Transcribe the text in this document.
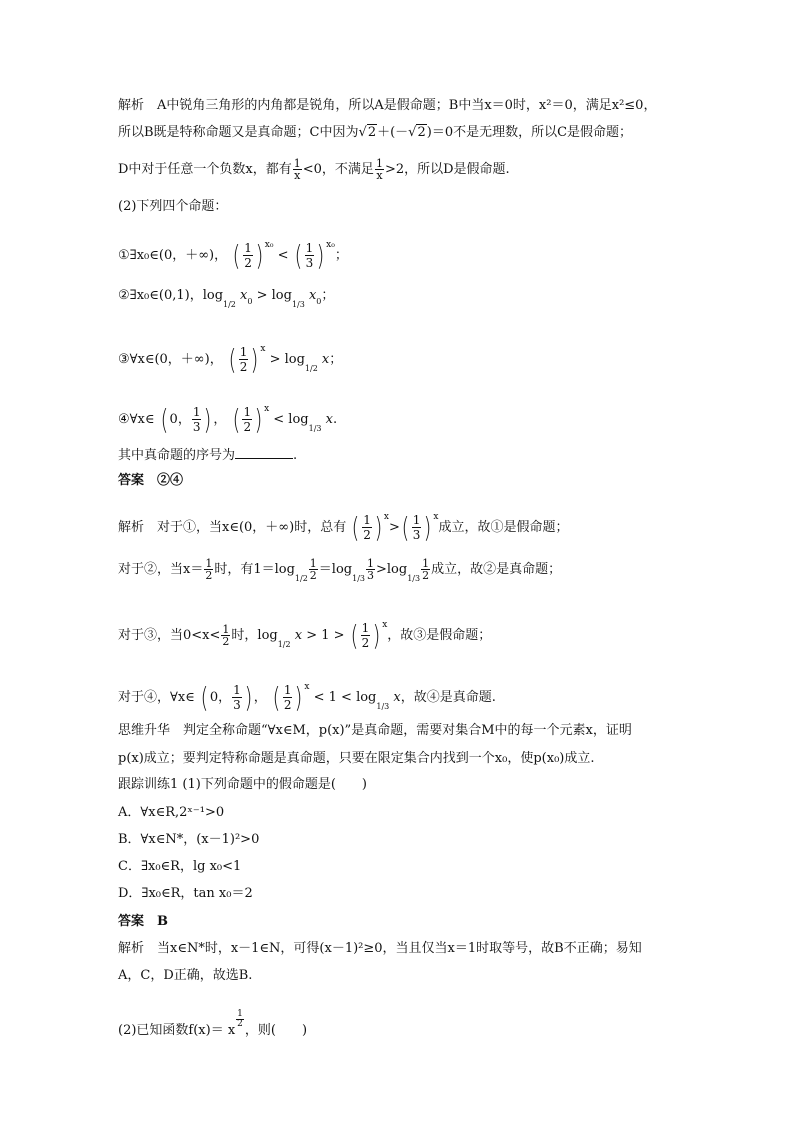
解析　A中锐角三角形的内角都是锐角，所以A是假命题；B中当x＝0时，x²＝0，满足x²≤0，
所以B既是特称命题又是真命题；C中因为√2＋(－√2)＝0不是无理数，所以C是假命题；
D中对于任意一个负数x，都有 $\frac{1}{x} <0$，不满足 $\frac{1}{x} >2$，所以D是假命题.
(2)下列四个命题：
①∃x₀∈(0，＋∞)， ( $\frac{1}{2}$ ) $^{x_0}$ < ( $\frac{1}{3}$ ) $^{x_0}$；
②∃x₀∈(0,1)，$\log_{1/2} x_0 > \log_{1/3} x_0$；
③∀x∈(0，＋∞)， ( $\frac{1}{2}$ ) $^x > \log_{1/2} x$；
④∀x∈ ( 0， $\frac{1}{3}$ ) ， ( $\frac{1}{2}$ ) $^x < \log_{1/3} x$.
其中真命题的序号为	.
答案　②④
解析　对于①，当x∈(0，＋∞)时，总有 ( $\frac{1}{2}$ ) $^x>( \frac{1}{3}$ ) $^x$成立，故①是假命题；
对于②，当$x= \frac{1}{2}$ 时，有$1=\log_{1/2} \frac{1}{2} =\log_{1/3} \frac{1}{3} >\log_{1/3} \frac{1}{2}$ 成立，故②是真命题；
对于③，当$0<x< \frac{1}{2}$ 时，$\log_{1/2} x > 1$ > ( $\frac{1}{2}$ ) $^x$，故③是假命题；
对于④，∀x∈ ( 0， $\frac{1}{3}$ ) ， ( $\frac{1}{2}$ ) $^x < 1 < \log_{1/3} x$，故④是真命题.
思维升华　判定全称命题“∀x∈M，p(x)”是真命题，需要对集合M中的每一个元素x，证明
p(x)成立；要判定特称命题是真命题，只要在限定集合内找到一个x₀，使p(x₀)成立.
跟踪训练1 (1)下列命题中的假命题是(　　)
A．∀x∈R,2ˣ⁻¹>0
B．∀x∈N*，(x－1)²>0
C．∃x₀∈R，lg x₀<1
D．∃x₀∈R，tan x₀＝2
答案　B
解析　当x∈N*时，x－1∈N，可得(x－1)²≥0，当且仅当x＝1时取等号，故B不正确；易知
A，C，D正确，故选B.
(2)已知函数f(x)＝ x
$^{\frac{1}{2}}$
，则(　　)
